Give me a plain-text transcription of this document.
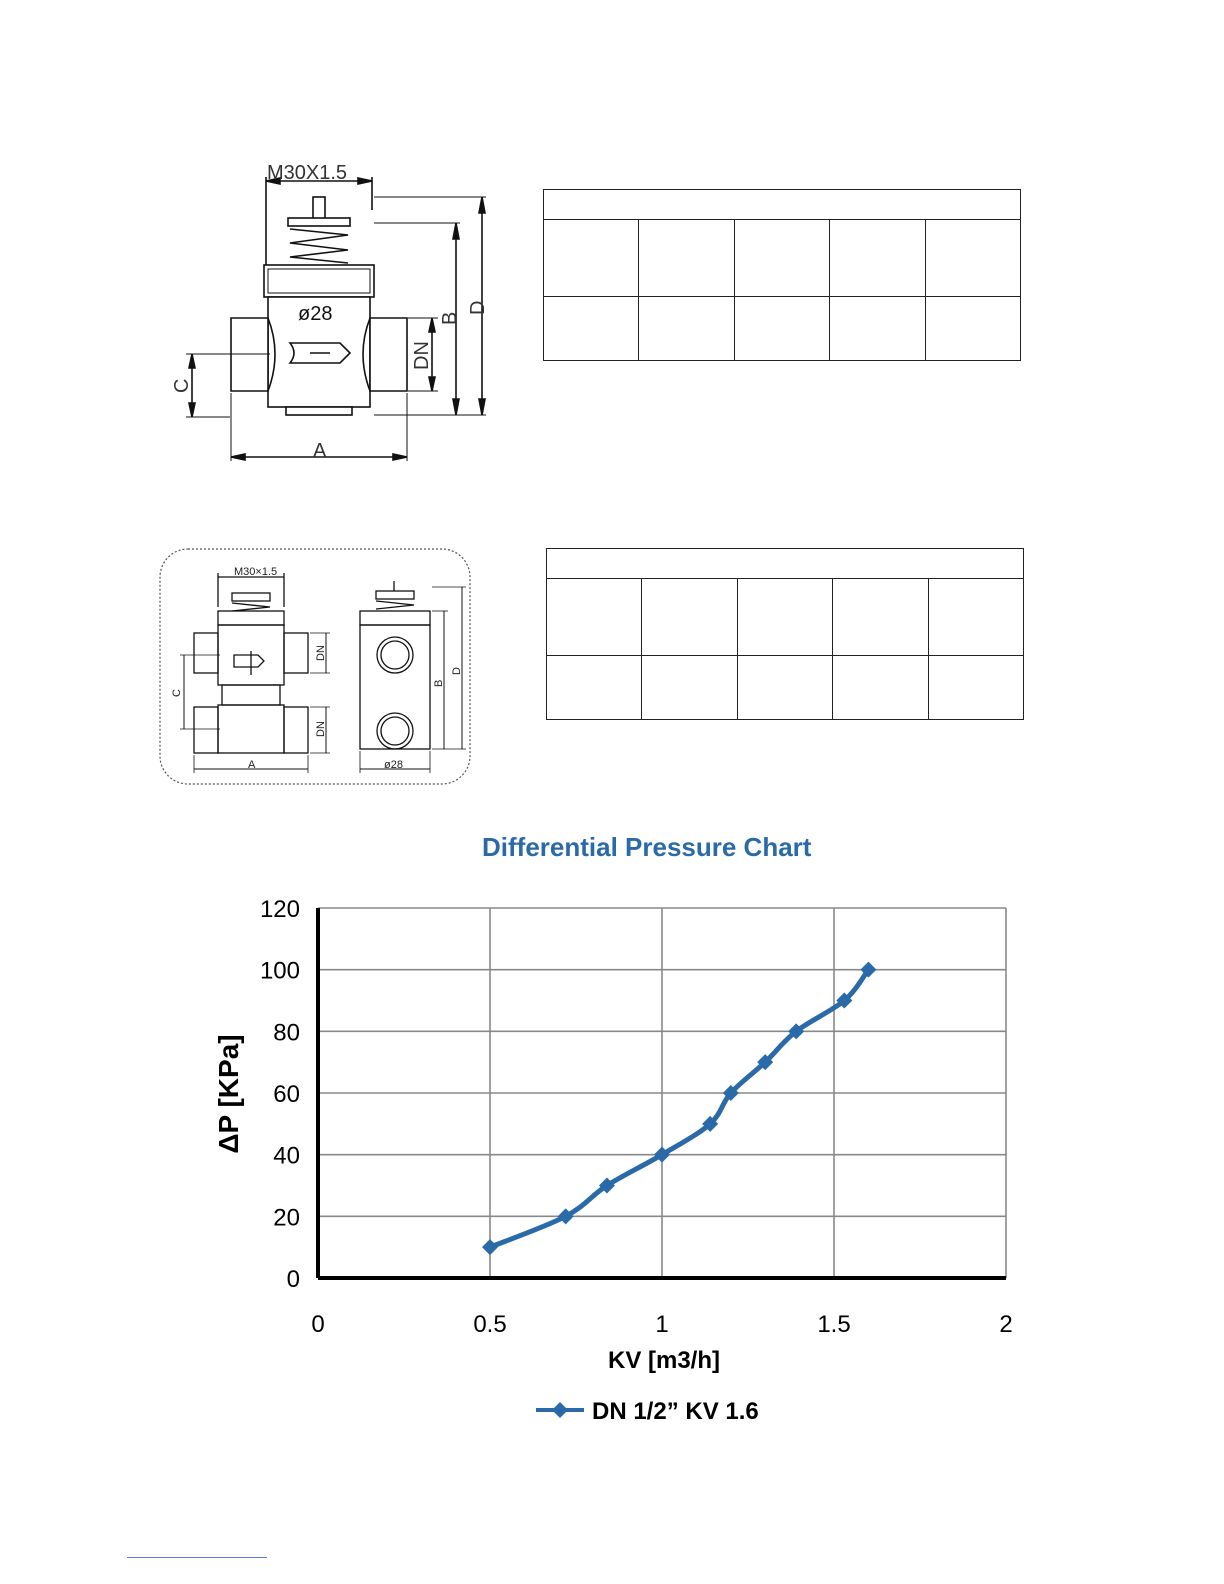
M30X1.5
ø28
A
B
D
DN
C

M30×1.5
ø28
A
C
DN
DN
B
D

Differential Pressure Chart
0
20
40
60
80
100
120
0	0.5	1	1.5	2
KV [m3/h]
ΔP [KPa]
DN 1/2” KV 1.6
